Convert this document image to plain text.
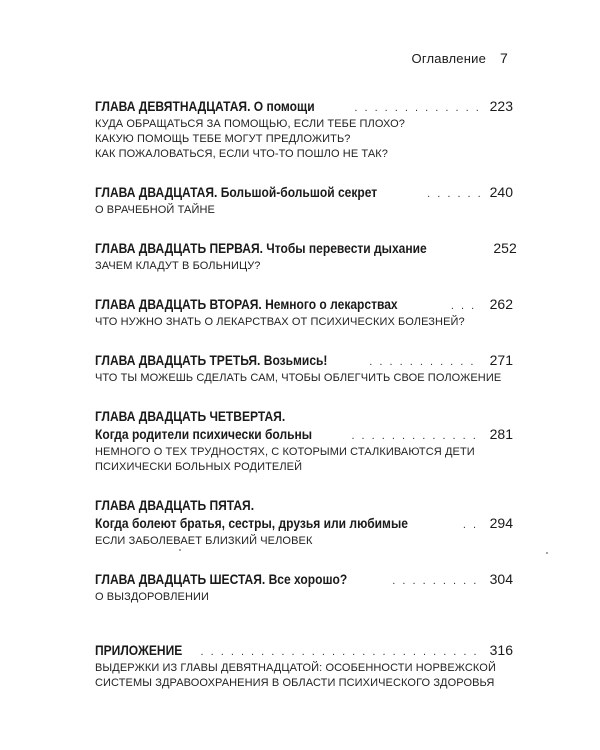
Оглавление 7
ГЛАВА ДЕВЯТНАДЦАТАЯ. О помощи . . .	223
КУДА ОБРАЩАТЬСЯ ЗА ПОМОЩЬЮ, ЕСЛИ ТЕБЕ ПЛОХО?
КАКУЮ ПОМОЩЬ ТЕБЕ МОГУТ ПРЕДЛОЖИТЬ?
КАК ПОЖАЛОВАТЬСЯ, ЕСЛИ ЧТО-ТО ПОШЛО НЕ ТАК?
ГЛАВА ДВАДЦАТАЯ. Большой-большой секрет . . .	240
О ВРАЧЕБНОЙ ТАЙНЕ
ГЛАВА ДВАДЦАТЬ ПЕРВАЯ. Чтобы перевести дыхание	252
ЗАЧЕМ КЛАДУТ В БОЛЬНИЦУ?
ГЛАВА ДВАДЦАТЬ ВТОРАЯ. Немного о лекарствах . . .	262
ЧТО НУЖНО ЗНАТЬ О ЛЕКАРСТВАХ ОТ ПСИХИЧЕСКИХ БОЛЕЗНЕЙ?
ГЛАВА ДВАДЦАТЬ ТРЕТЬЯ. Возьмись! . . .	271
ЧТО ТЫ МОЖЕШЬ СДЕЛАТЬ САМ, ЧТОБЫ ОБЛЕГЧИТЬ СВОЕ ПОЛОЖЕНИЕ
ГЛАВА ДВАДЦАТЬ ЧЕТВЕРТАЯ.
Когда родители психически больны . . .	281
НЕМНОГО О ТЕХ ТРУДНОСТЯХ, С КОТОРЫМИ СТАЛКИВАЮТСЯ ДЕТИ
ПСИХИЧЕСКИ БОЛЬНЫХ РОДИТЕЛЕЙ
ГЛАВА ДВАДЦАТЬ ПЯТАЯ.
Когда болеют братья, сестры, друзья или любимые . . .	294
ЕСЛИ ЗАБОЛЕВАЕТ БЛИЗКИЙ ЧЕЛОВЕК
ГЛАВА ДВАДЦАТЬ ШЕСТАЯ. Все хорошо? . . .	304
О ВЫЗДОРОВЛЕНИИ
ПРИЛОЖЕНИЕ . . .	316
ВЫДЕРЖКИ ИЗ ГЛАВЫ ДЕВЯТНАДЦАТОЙ: ОСОБЕННОСТИ НОРВЕЖСКОЙ
СИСТЕМЫ ЗДРАВООХРАНЕНИЯ В ОБЛАСТИ ПСИХИЧЕСКОГО ЗДОРОВЬЯ
